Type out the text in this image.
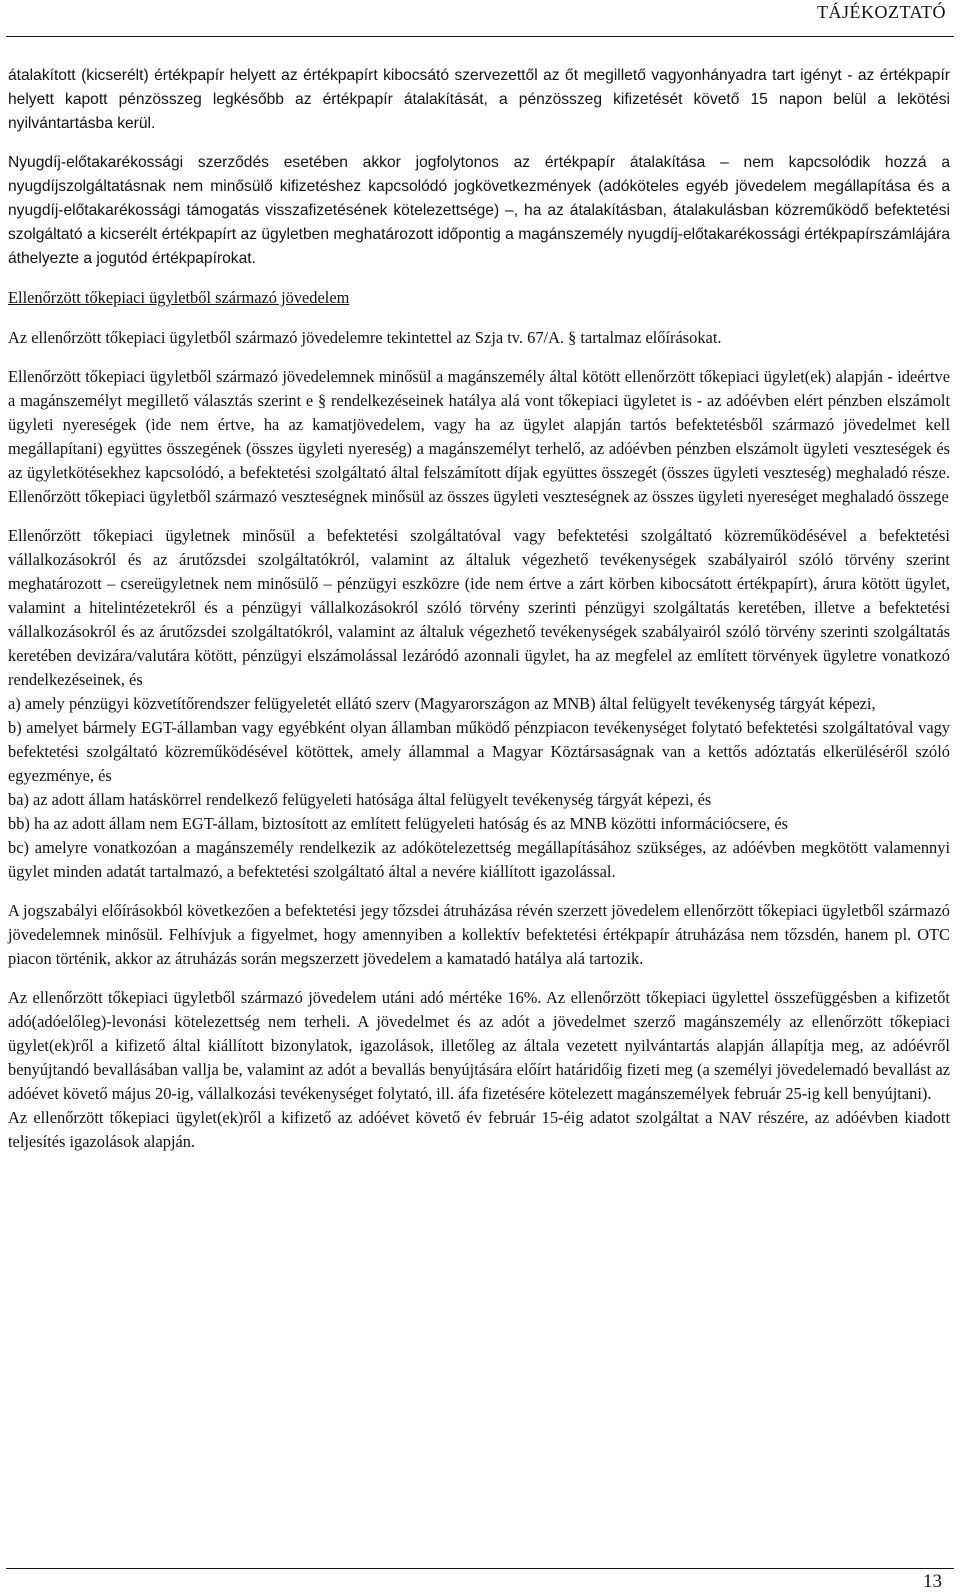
TÁJÉKOZTATÓ

átalakított (kicserélt) értékpapír helyett az értékpapírt kibocsátó szervezettől az őt megillető vagyonhányadra tart igényt - az értékpapír helyett kapott pénzösszeg legkésőbb az értékpapír átalakítását, a pénzösszeg kifizetését követő 15 napon belül a lekötési nyilvántartásba kerül.

Nyugdíj-előtakarékossági szerződés esetében akkor jogfolytonos az értékpapír átalakítása – nem kapcsolódik hozzá a nyugdíjszolgáltatásnak nem minősülő kifizetéshez kapcsolódó jogkövetkezmények (adóköteles egyéb jövedelem megállapítása és a nyugdíj-előtakarékossági támogatás visszafizetésének kötelezettsége) –, ha az átalakításban, átalakulásban közreműködő befektetési szolgáltató a kicserélt értékpapírt az ügyletben meghatározott időpontig a magánszemély nyugdíj-előtakarékossági értékpapírszámlájára áthelyezte a jogutód értékpapírokat.

Ellenőrzött tőkepiaci ügyletből származó jövedelem

Az ellenőrzött tőkepiaci ügyletből származó jövedelemre tekintettel az Szja tv. 67/A. § tartalmaz előírásokat.

Ellenőrzött tőkepiaci ügyletből származó jövedelemnek minősül a magánszemély által kötött ellenőrzött tőkepiaci ügylet(ek) alapján - ideértve a magánszemélyt megillető választás szerint e § rendelkezéseinek hatálya alá vont tőkepiaci ügyletet is - az adóévben elért pénzben elszámolt ügyleti nyereségek (ide nem értve, ha az kamatjövedelem, vagy ha az ügylet alapján tartós befektetésből származó jövedelmet kell megállapítani) együttes összegének (összes ügyleti nyereség) a magánszemélyt terhelő, az adóévben pénzben elszámolt ügyleti veszteségek és az ügyletkötésekhez kapcsolódó, a befektetési szolgáltató által felszámított díjak együttes összegét (összes ügyleti veszteség) meghaladó része. Ellenőrzött tőkepiaci ügyletből származó veszteségnek minősül az összes ügyleti veszteségnek az összes ügyleti nyereséget meghaladó összege

Ellenőrzött tőkepiaci ügyletnek minősül a befektetési szolgáltatóval vagy befektetési szolgáltató közreműködésével a befektetési vállalkozásokról és az árutőzsdei szolgáltatókról, valamint az általuk végezhető tevékenységek szabályairól szóló törvény szerint meghatározott – csereügyletnek nem minősülő – pénzügyi eszközre (ide nem értve a zárt körben kibocsátott értékpapírt), árura kötött ügylet, valamint a hitelintézetekről és a pénzügyi vállalkozásokról szóló törvény szerinti pénzügyi szolgáltatás keretében, illetve a befektetési vállalkozásokról és az árutőzsdei szolgáltatókról, valamint az általuk végezhető tevékenységek szabályairól szóló törvény szerinti szolgáltatás keretében devizára/valutára kötött, pénzügyi elszámolással lezáródó azonnali ügylet, ha az megfelel az említett törvények ügyletre vonatkozó rendelkezéseinek, és

a) amely pénzügyi közvetítőrendszer felügyeletét ellátó szerv (Magyarországon az MNB) által felügyelt tevékenység tárgyát képezi,

b) amelyet bármely EGT-államban vagy egyébként olyan államban működő pénzpiacon tevékenységet folytató befektetési szolgáltatóval vagy befektetési szolgáltató közreműködésével kötöttek, amely állammal a Magyar Köztársaságnak van a kettős adóztatás elkerüléséről szóló egyezménye, és

ba) az adott állam hatáskörrel rendelkező felügyeleti hatósága által felügyelt tevékenység tárgyát képezi, és

bb) ha az adott állam nem EGT-állam, biztosított az említett felügyeleti hatóság és az MNB közötti információcsere, és

bc) amelyre vonatkozóan a magánszemély rendelkezik az adókötelezettség megállapításához szükséges, az adóévben megkötött valamennyi ügylet minden adatát tartalmazó, a befektetési szolgáltató által a nevére kiállított igazolással.

A jogszabályi előírásokból következően a befektetési jegy tőzsdei átruházása révén szerzett jövedelem ellenőrzött tőkepiaci ügyletből származó jövedelemnek minősül. Felhívjuk a figyelmet, hogy amennyiben a kollektív befektetési értékpapír átruházása nem tőzsdén, hanem pl. OTC piacon történik, akkor az átruházás során megszerzett jövedelem a kamatadó hatálya alá tartozik.

Az ellenőrzött tőkepiaci ügyletből származó jövedelem utáni adó mértéke 16%. Az ellenőrzött tőkepiaci ügylettel összefüggésben a kifizetőt adó(adóelőleg)-levonási kötelezettség nem terheli. A jövedelmet és az adót a jövedelmet szerző magánszemély az ellenőrzött tőkepiaci ügylet(ek)ről a kifizető által kiállított bizonylatok, igazolások, illetőleg az általa vezetett nyilvántartás alapján állapítja meg, az adóévről benyújtandó bevallásában vallja be, valamint az adót a bevallás benyújtására előírt határidőig fizeti meg (a személyi jövedelemadó bevallást az adóévet követő május 20-ig, vállalkozási tevékenységet folytató, ill. áfa fizetésére kötelezett magánszemélyek február 25-ig kell benyújtani).

Az ellenőrzött tőkepiaci ügylet(ek)ről a kifizető az adóévet követő év február 15-éig adatot szolgáltat a NAV részére, az adóévben kiadott teljesítés igazolások alapján.

13
